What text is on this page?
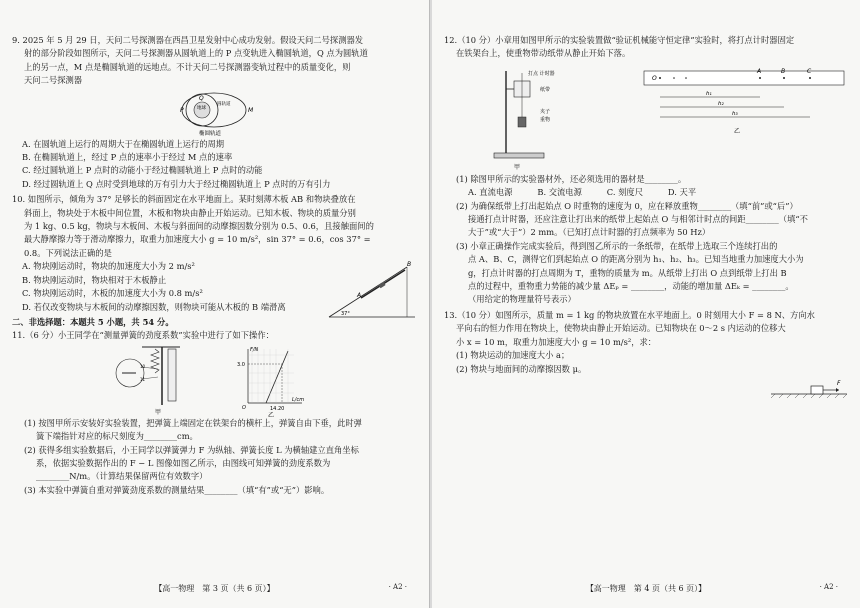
9. 2025 年 5 月 29 日，天问二号探测器在西昌卫星发射中心成功发射。假设天问二号探测器发
射的部分阶段如图所示，天问二号探测器从圆轨道上的 P 点变轨进入椭圆轨道，Q 点为圆轨道
上的另一点，M 点是椭圆轨道的远地点。不计天问二号探测器变轨过程中的质量变化，则
天问二号探测器
地球
圆轨道
P
Q
M
椭圆轨道
A. 在圆轨道上运行的周期大于在椭圆轨道上运行的周期
B. 在椭圆轨道上，经过 P 点的速率小于经过 M 点的速率
C. 经过圆轨道上 P 点时的动能小于经过椭圆轨道上 P 点时的动能
D. 经过圆轨道上 Q 点时受到地球的万有引力大于经过椭圆轨道上 P 点时的万有引力
10. 如图所示，倾角为 37° 足够长的斜面固定在水平地面上。某时刻薄木板 AB 和物块叠放在
斜面上，物块处于木板中间位置，木板和物块由静止开始运动。已知木板、物块的质量分别
为 1 kg、0.5 kg，物块与木板间、木板与斜面间的动摩擦因数分别为 0.5、0.6，且接触面间的
最大静摩擦力等于滑动摩擦力，取重力加速度大小 g = 10 m/s²，sin 37° = 0.6，cos 37° =
0.8。下列说法正确的是
A. 物块刚运动时，物块的加速度大小为 2 m/s²
B. 物块刚运动时，物块相对于木板静止
C. 物块刚运动时，木板的加速度大小为 0.8 m/s²
D. 若仅改变物块与木板间的动摩擦因数，则物块可能从木板的 B 端滑离
A
B
37°
二、非选择题：本题共 5 小题，共 54 分。
11.（6 分）小王同学在“测量弹簧的劲度系数”实验中进行了如下操作：
10
11
甲
F/N
L/cm
O
3.0
14.20
乙
(1) 按图甲所示安装好实验装置，把弹簧上端固定在铁架台的横杆上，弹簧自由下垂，此时弹
簧下端指针对应的标尺刻度为________cm。
(2) 获得多组实验数据后，小王同学以弹簧弹力 F 为纵轴、弹簧长度 L 为横轴建立直角坐标
系，依据实验数据作出的 F − L 图像如图乙所示，由图线可知弹簧的劲度系数为
________N/m。（计算结果保留两位有效数字）
(3) 本实验中弹簧自重对弹簧劲度系数的测量结果________（填“有”或“无”）影响。
【高一物理　第 3 页（共 6 页）】	· A2 ·
12.（10 分）小章用如图甲所示的实验装置做“验证机械能守恒定律”实验时，将打点计时器固定
在铁架台上，使重物带动纸带从静止开始下落。
打点 计时器
纸带
夹子
重物
甲
O
A	B	C
h₁
h₂
h₃
乙
(1) 除图甲所示的实验器材外，还必须选用的器材是________。
A. 直流电源　　　B. 交流电源　　　C. 刻度尺　　　D. 天平
(2) 为确保纸带上打出起始点 O 时重物的速度为 0，应在释放重物________（填“前”或“后”）
接通打点计时器，还应注意让打出来的纸带上起始点 O 与相邻计时点的间距________（填“不
大于”或“大于”）2 mm。（已知打点计时器的打点频率为 50 Hz）
(3) 小章正确操作完成实验后，得到图乙所示的一条纸带，在纸带上选取三个连续打出的
点 A、B、C，测得它们到起始点 O 的距离分别为 h₁、h₂、h₃。已知当地重力加速度大小为
g，打点计时器的打点周期为 T，重物的质量为 m。从纸带上打出 O 点到纸带上打出 B
点的过程中，重物重力势能的减少量 ΔEₚ = ________，动能的增加量 ΔEₖ = ________。
（用给定的物理量符号表示）
13.（10 分）如图所示，质量 m = 1 kg 的物块放置在水平地面上。0 时刻用大小 F = 8 N、方向水
平向右的恒力作用在物块上，使物块由静止开始运动。已知物块在 0～2 s 内运动的位移大
小 x = 10 m，取重力加速度大小 g = 10 m/s²，求：
(1) 物块运动的加速度大小 a；
(2) 物块与地面间的动摩擦因数 μ。
F
【高一物理　第 4 页（共 6 页）】	· A2 ·
